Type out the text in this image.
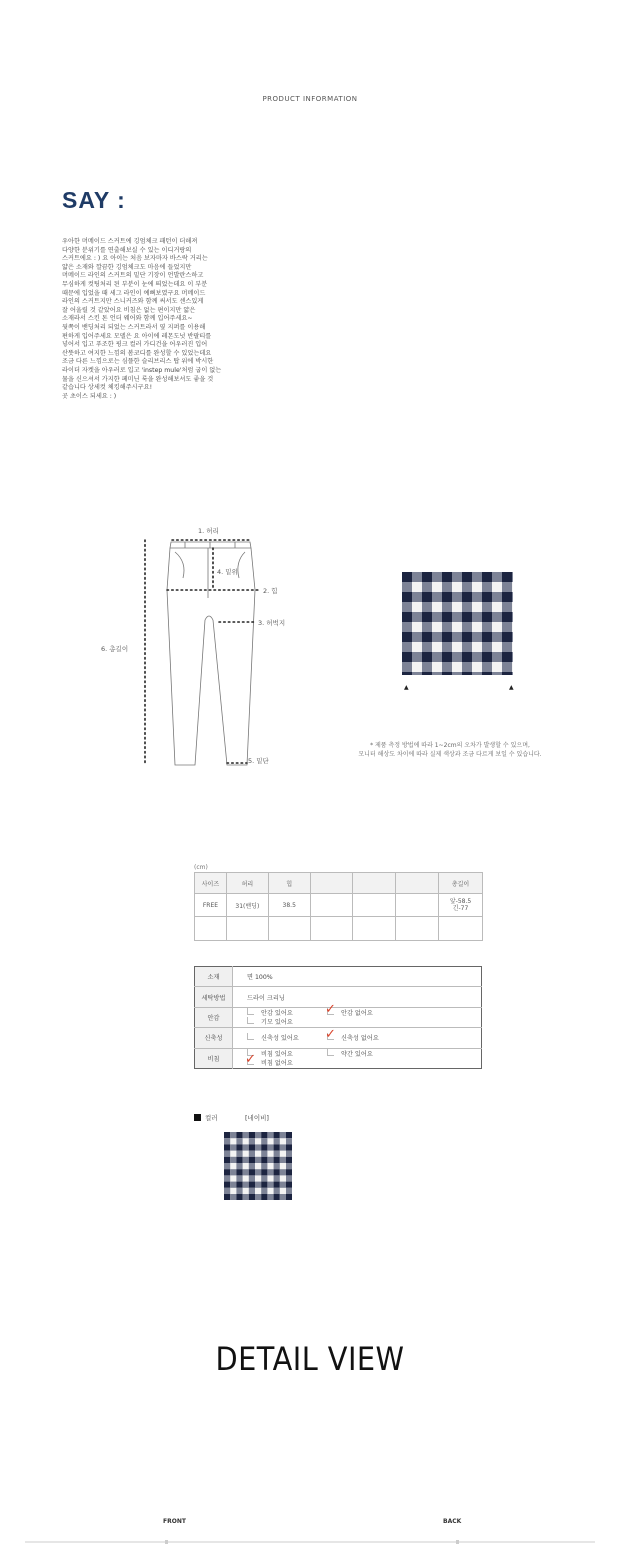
PRODUCT INFORMATION
SAY :
우아한 머메이드 스커트에 깅엄체크 패턴이 더해져
다양한 분위기를 연출해보실 수 있는 이디거랑의
스커트에요 : ) 요 아이는 처음 보자마자 바스락 거리는
얇은 소재와 깔끔한 깅엄체크도 마음에 들었지만
머메이드 라인의 스커트의 밑단 기장이 언발란스하고
무심하게 컷팅처리 된 부분이 눈에 띄었는데요 이 부분
때문에 입었을 때 세그 라인이 예뻐보였구요 머메이드
라인의 스커트지만 스니커즈와 함께 써서도 센스있게
잘 어울릴 것 같았어요 비침은 없는 편이지만 얇은
소재라서 스킨 톤 언더 웨어와 함께 입어주세요~
뒷쪽이 밴딩처리 되었는 스커트라서 옆 지퍼를 이용해
편하게 입어주세요 모델은 요 아이에 레몬도넛 반팔티를
넣어서 입고 푸조한 핑크 컬러 가디건을 어우러진 입어
산뜻하고 여지한 느낌의 봄코디를 완성할 수 있었는데요
조금 다른 느낌으로는 심플한 슬리브리스 탑 위에 박시한
라이더 자켓을 아우러로 입고 'instep mule'처럼 굽이 없는
뮬을 신으셔서 가지한 페미닌 룩을 완성해보셔도 좋을 것
같습니다 상세컷 체킹해주시구요!
곳 초이스 되세요 : )
1. 허리
2. 힙
3. 허벅지
4. 밑위
5. 밑단
6. 총길이
▲	▲
* 제품 측정 방법에 따라 1~2cm의 오차가 발생할 수 있으며,
모니터 해상도 차이에 따라 실제 색상과 조금 다르게 보일 수 있습니다.
(cm)
사이즈	허리	힙				총길이
FREE	31(밴딩)	38.5				앞-58.5
긴-77

소재	면 100%
세탁방법	드라이 크리닝
안감	안감 있어요 ✓ 안감 없어요
기모 있어요
신축성	신축성 있어요 ✓ 신축성 없어요
비침	비침 있어요 약간 있어요
✓ 비침 없어요
컬러	[네이비]
DETAIL VIEW
FRONT	BACK
